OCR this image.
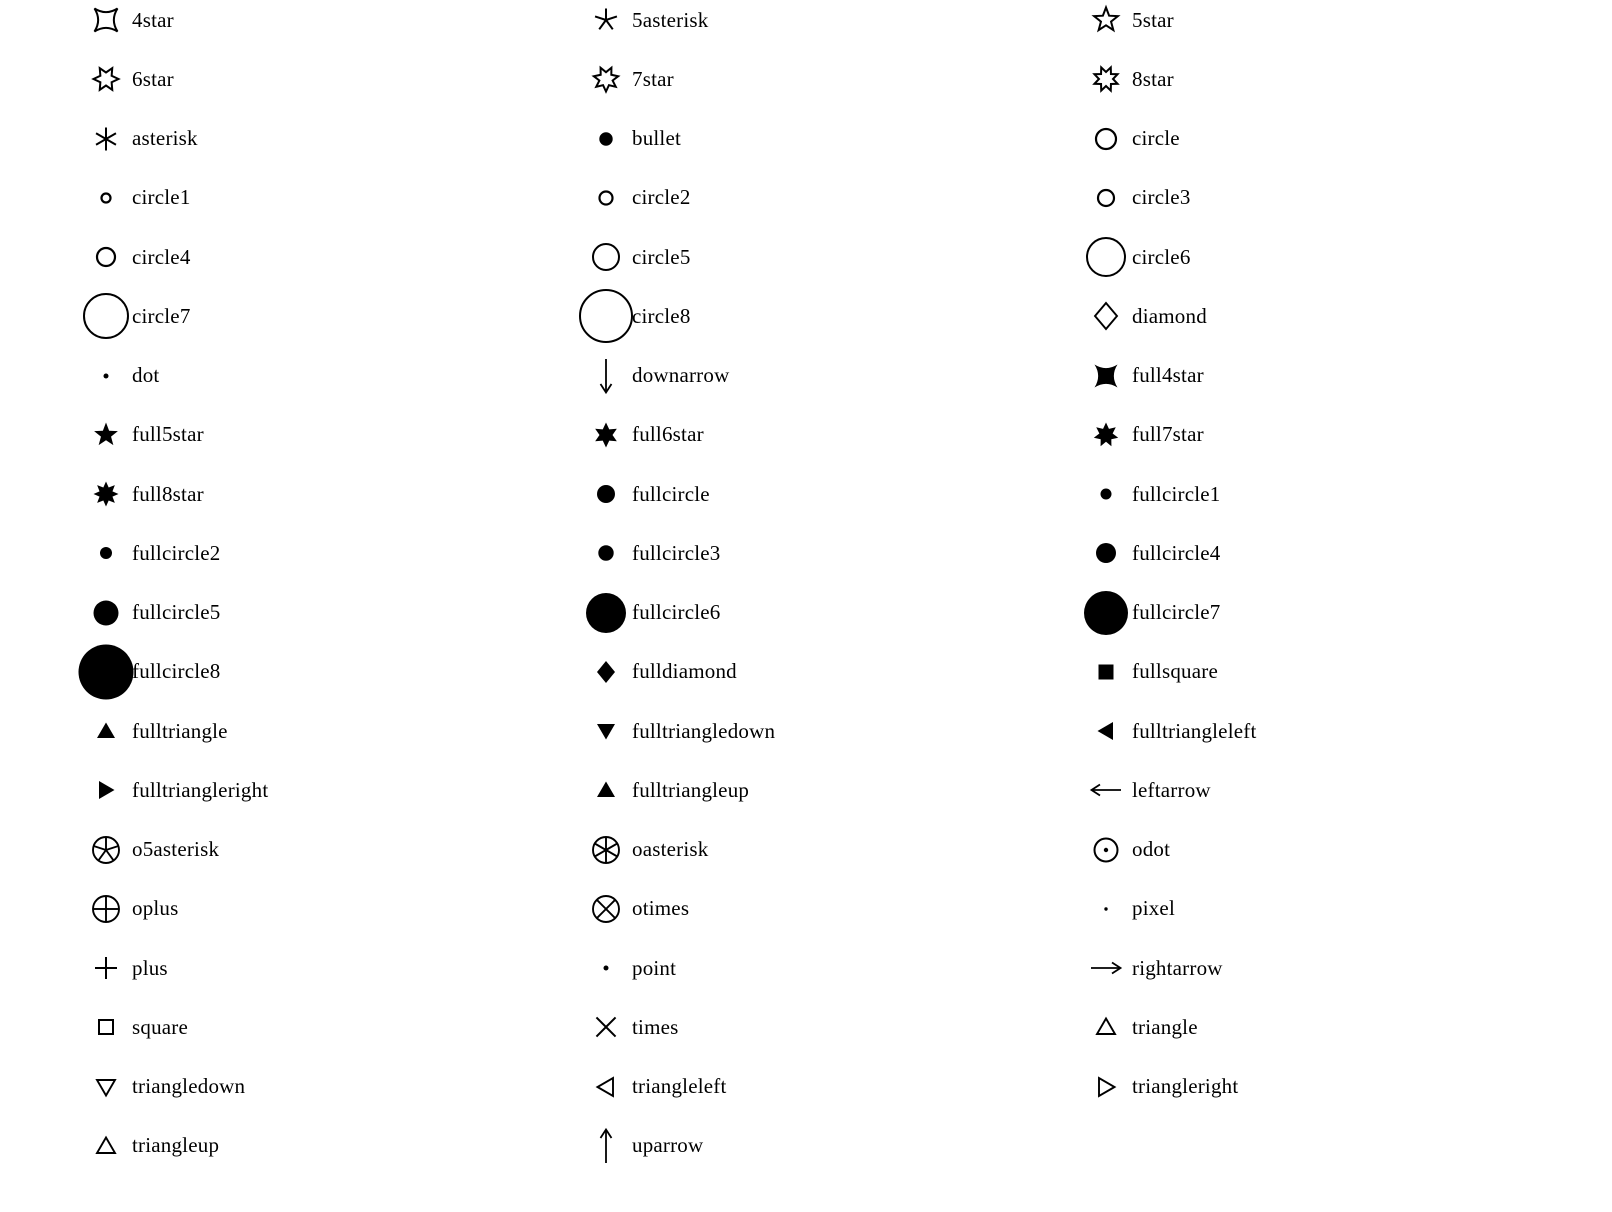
4star
6star
asterisk
circle1
circle4
circle7
dot
full5star
full8star
fullcircle2
fullcircle5
fullcircle8
fulltriangle
fulltriangleright
o5asterisk
oplus
plus
square
triangledown
triangleup
5asterisk
7star
bullet
circle2
circle5
circle8
downarrow
full6star
fullcircle
fullcircle3
fullcircle6
fulldiamond
fulltriangledown
fulltriangleup
oasterisk
otimes
point
times
triangleleft
uparrow
5star
8star
circle
circle3
circle6
diamond
full4star
full7star
fullcircle1
fullcircle4
fullcircle7
fullsquare
fulltriangleleft
leftarrow
odot
pixel
rightarrow
triangle
triangleright
